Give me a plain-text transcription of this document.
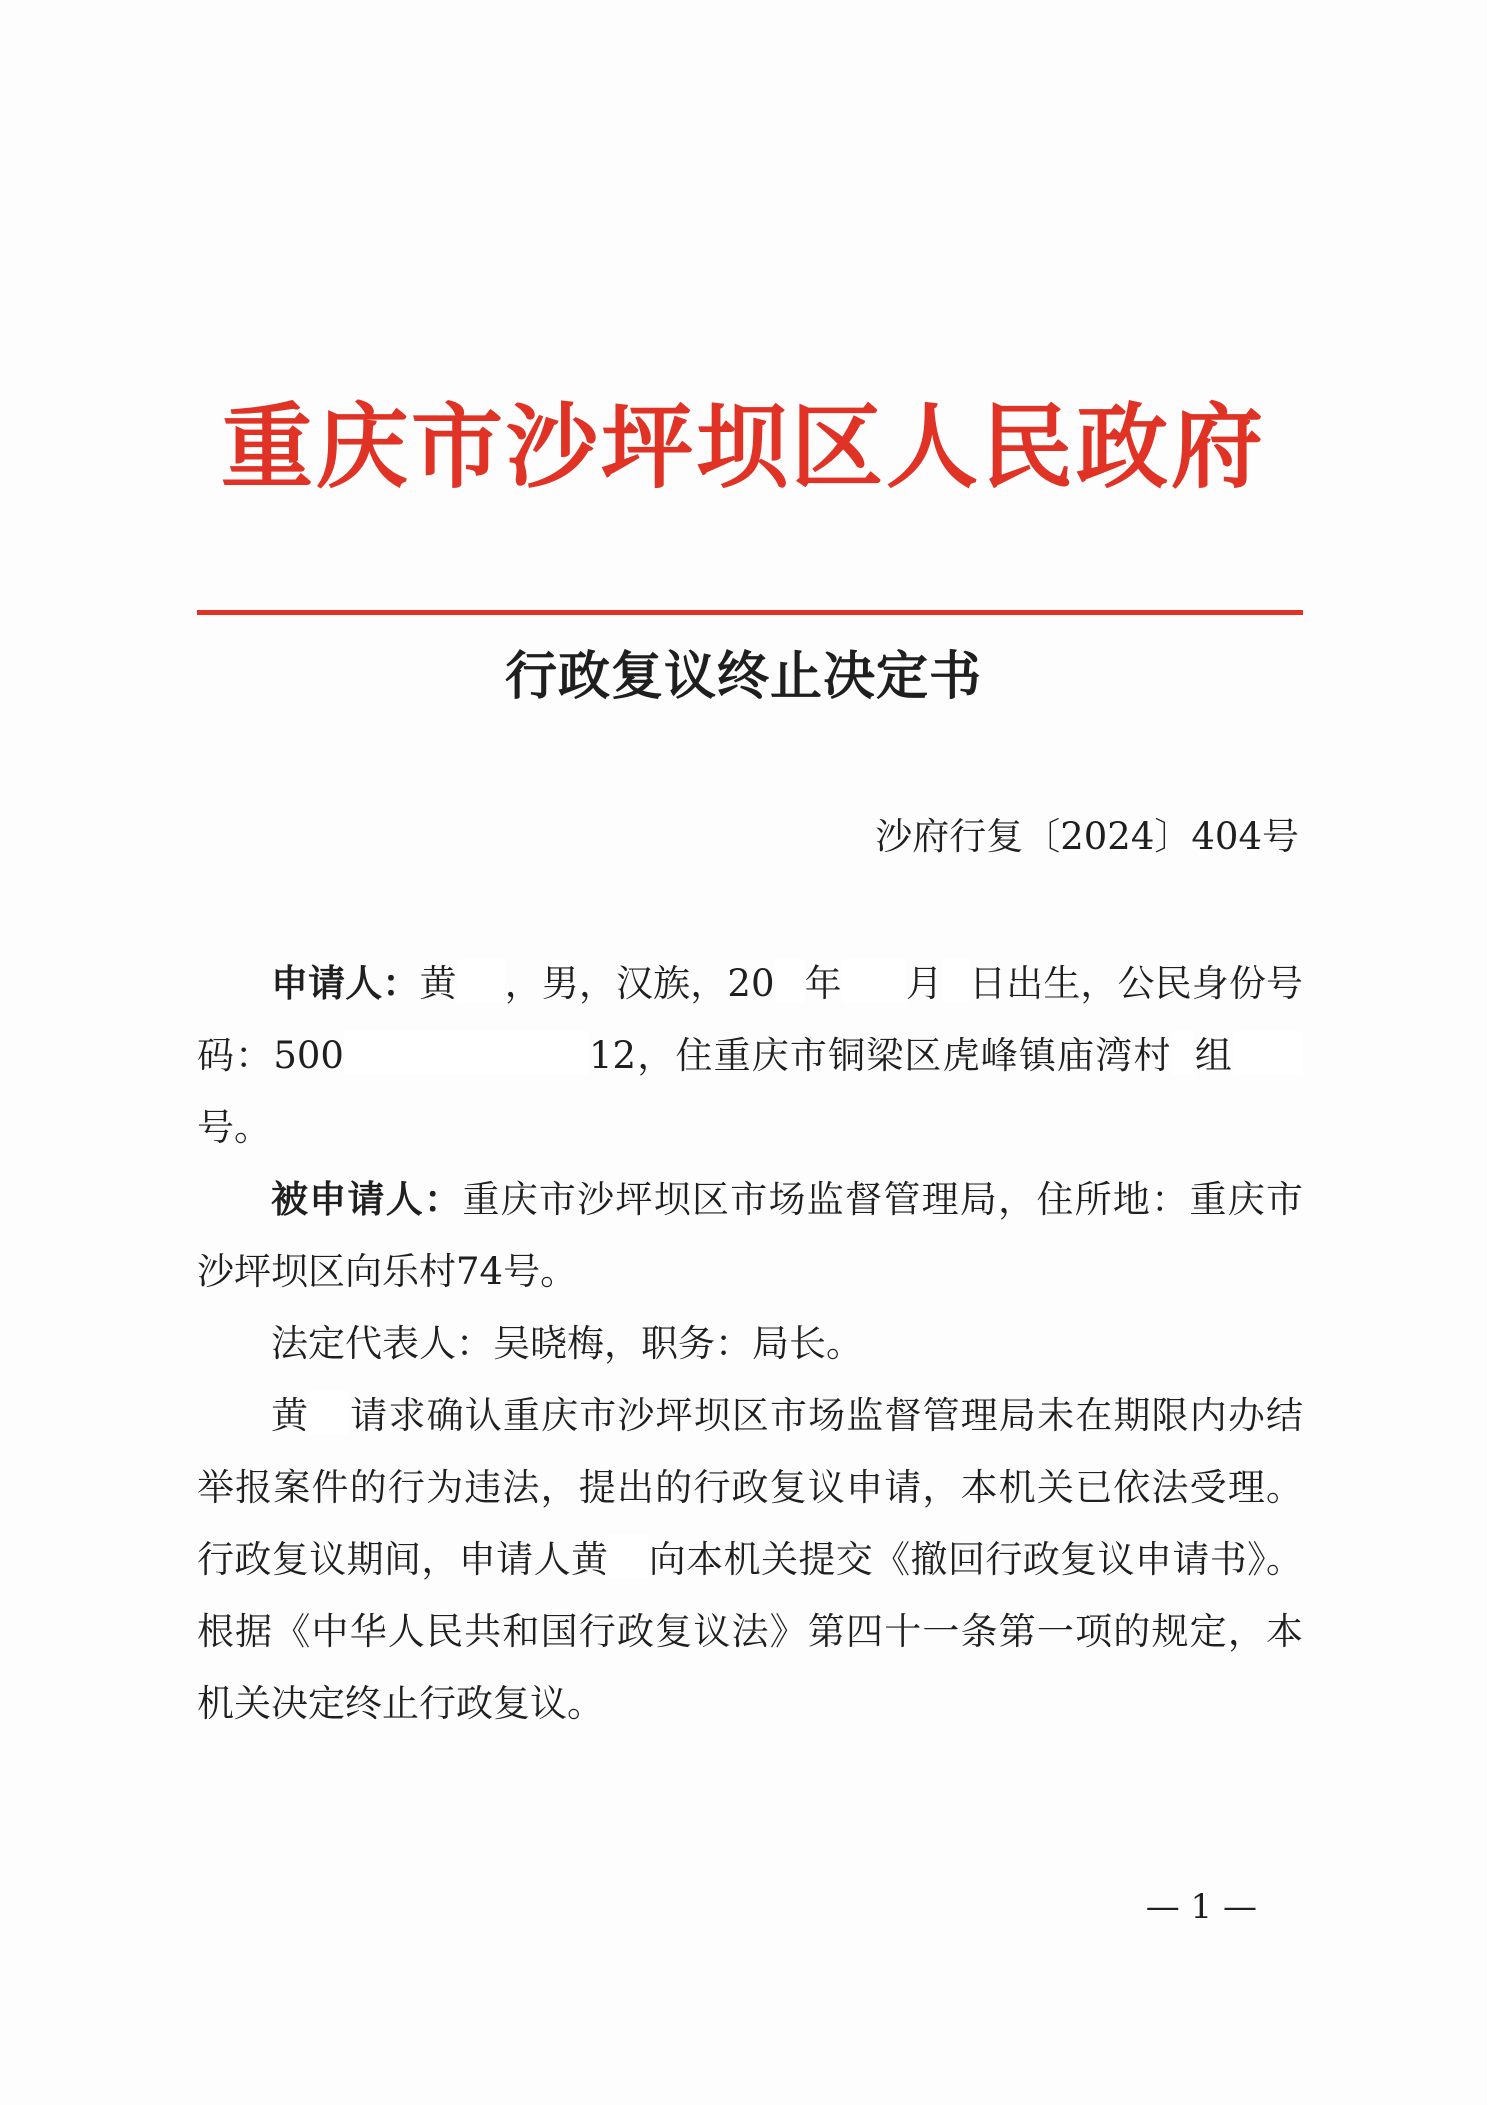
重庆市沙坪坝区人民政府
行政复议终止决定书
沙府行复〔2024〕404号

申请人：黄 ，男，汉族，20 年 月 日出生，公民身份号码：500	12，住重庆市铜梁区虎峰镇庙湾村 组号。

被申请人：重庆市沙坪坝区市场监督管理局，住所地：重庆市沙坪坝区向乐村74号。

法定代表人：吴晓梅，职务：局长。

黄 请求确认重庆市沙坪坝区市场监督管理局未在期限内办结举报案件的行为违法，提出的行政复议申请，本机关已依法受理。行政复议期间，申请人黄 向本机关提交《撤回行政复议申请书》。根据《中华人民共和国行政复议法》第四十一条第一项的规定，本机关决定终止行政复议。

— 1 —
